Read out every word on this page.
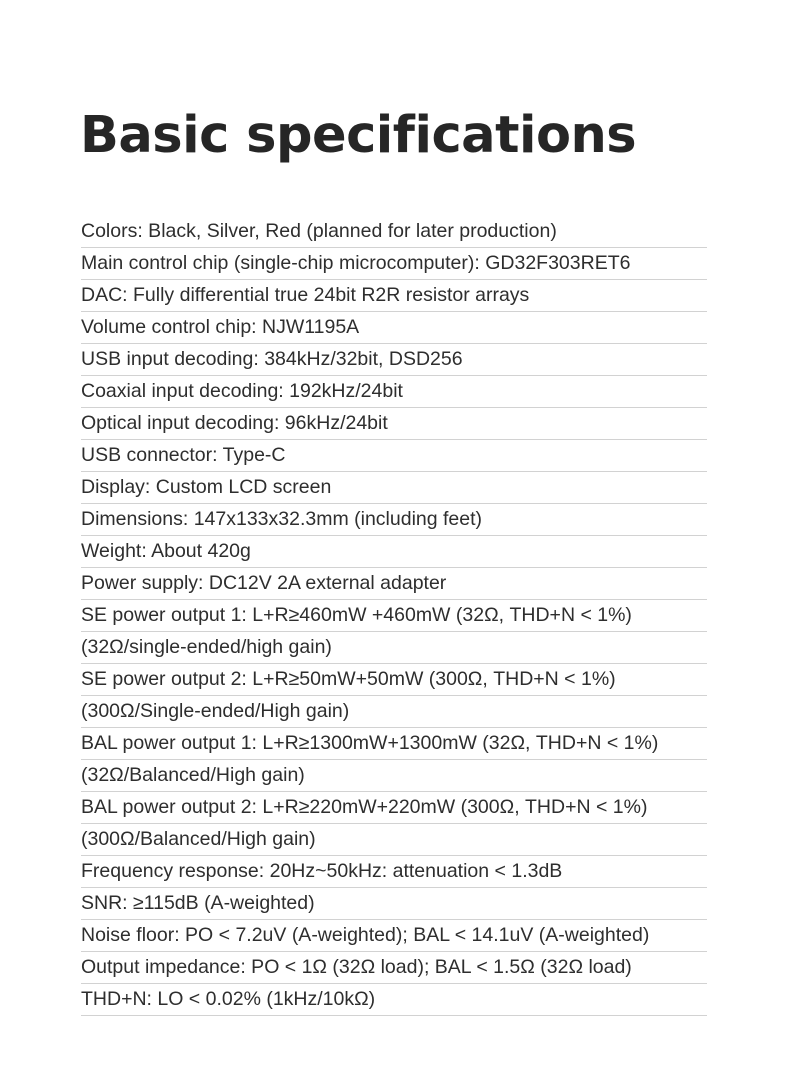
Basic specifications
Colors: Black, Silver, Red (planned for later production)
Main control chip (single-chip microcomputer): GD32F303RET6
DAC: Fully differential true 24bit R2R resistor arrays
Volume control chip: NJW1195A
USB input decoding: 384kHz/32bit, DSD256
Coaxial input decoding: 192kHz/24bit
Optical input decoding: 96kHz/24bit
USB connector: Type-C
Display: Custom LCD screen
Dimensions: 147x133x32.3mm (including feet)
Weight: About 420g
Power supply: DC12V 2A external adapter
SE power output 1: L+R≥460mW +460mW (32Ω, THD+N < 1%)
(32Ω/single-ended/high gain)
SE power output 2: L+R≥50mW+50mW (300Ω, THD+N < 1%)
(300Ω/Single-ended/High gain)
BAL power output 1: L+R≥1300mW+1300mW (32Ω, THD+N < 1%)
(32Ω/Balanced/High gain)
BAL power output 2: L+R≥220mW+220mW (300Ω, THD+N < 1%)
(300Ω/Balanced/High gain)
Frequency response: 20Hz~50kHz: attenuation < 1.3dB
SNR: ≥115dB (A-weighted)
Noise floor: PO < 7.2uV (A-weighted); BAL < 14.1uV (A-weighted)
Output impedance: PO < 1Ω (32Ω load); BAL < 1.5Ω (32Ω load)
THD+N: LO < 0.02% (1kHz/10kΩ)
